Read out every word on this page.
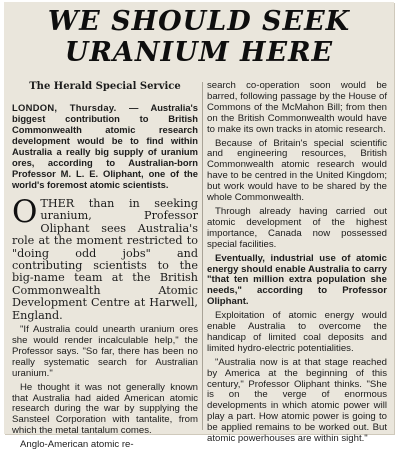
WE SHOULD SEEK
URANIUM HERE

The Herald Special Service

LONDON, Thursday. — Australia's biggest contribution to British Commonwealth atomic research development would be to find within Australia a really big supply of uranium ores, according to Australian-born Professor M. L. E. Oliphant, one of the world's foremost atomic scientists.

OTHER than in seeking uranium, Professor Oliphant sees Australia's role at the moment restricted to "doing odd jobs" and contributing scientists to the big-name team at the British Commonwealth Atomic Development Centre at Harwell, England.

"If Australia could unearth uranium ores she would render incalculable help," the Professor says. "So far, there has been no really systematic search for Australian uranium."

He thought it was not generally known that Australia had aided American atomic research during the war by supplying the Sansteel Corporation with tantalite, from which the metal tantalum comes.

Anglo-American atomic re-

search co-operation soon would be barred, following passage by the House of Commons of the McMahon Bill; from then on the British Commonwealth would have to make its own tracks in atomic research.

Because of Britain's special scientific and engineering resources, British Commonwealth atomic research would have to be centred in the United Kingdom; but work would have to be shared by the whole Commonwealth.

Through already having carried out atomic development of the highest importance, Canada now possessed special facilities.

Eventually, industrial use of atomic energy should enable Australia to carry "that ten million extra population she needs," according to Professor Oliphant.

Exploitation of atomic energy would enable Australia to overcome the handicap of limited coal deposits and limited hydro-electric potentialities.

"Australia now is at that stage reached by America at the beginning of this century," Professor Oliphant thinks. "She is on the verge of enormous developments in which atomic power will play a part. How atomic power is going to be applied remains to be worked out. But atomic powerhouses are within sight."
